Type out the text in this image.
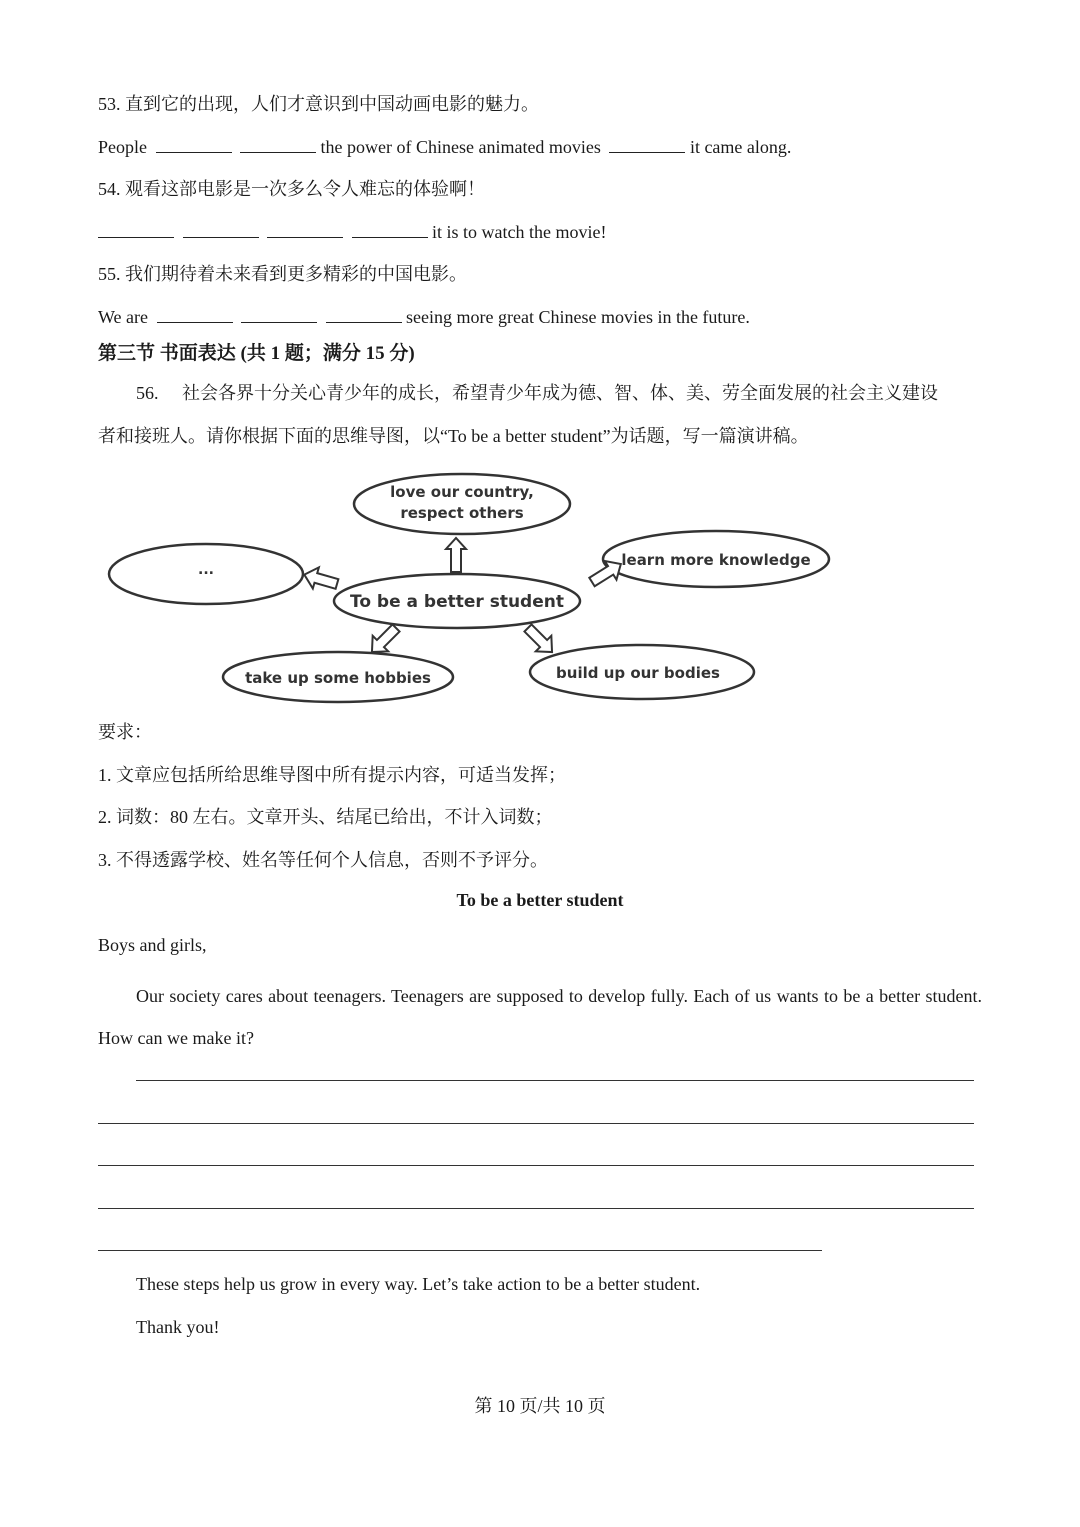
53. 直到它的出现，人们才意识到中国动画电影的魅力。
People	the power of Chinese animated movies	it came along.
54. 观看这部电影是一次多么令人难忘的体验啊！
it is to watch the movie!
55. 我们期待着未来看到更多精彩的中国电影。
We are	seeing more great Chinese movies in the future.
第三节 书面表达 (共 1 题；满分 15 分)
56. 社会各界十分关心青少年的成长，希望青少年成为德、智、体、美、劳全面发展的社会主义建设
者和接班人。请你根据下面的思维导图，以“To be a better student”为话题，写一篇演讲稿。
love our country,
respect others
learn more knowledge
...
To be a better student
take up some hobbies	build up our bodies
要求：
1. 文章应包括所给思维导图中所有提示内容，可适当发挥；
2. 词数：80 左右。文章开头、结尾已给出，不计入词数；
3. 不得透露学校、姓名等任何个人信息，否则不予评分。
To be a better student
Boys and girls,
Our society cares about teenagers. Teenagers are supposed to develop fully. Each of us wants to be a better student. How can we make it?
These steps help us grow in every way. Let’s take action to be a better student.
Thank you!
第 10 页/共 10 页
